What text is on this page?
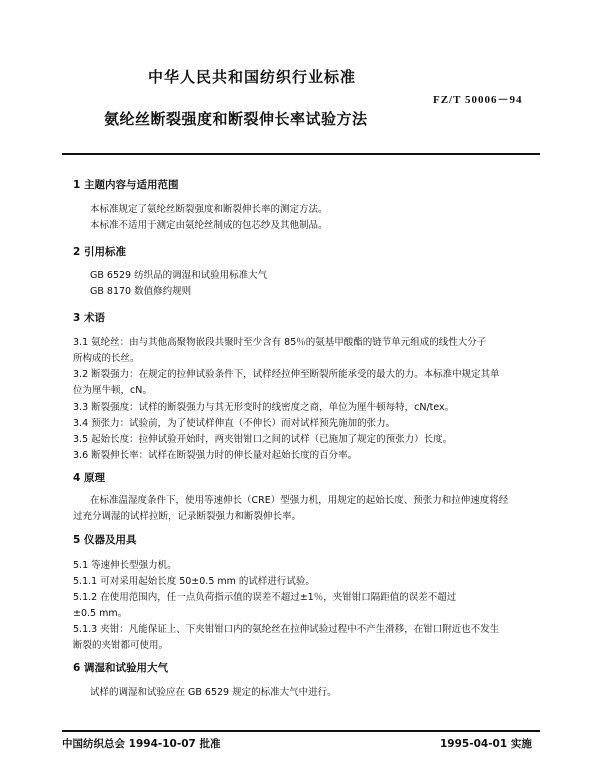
中华人民共和国纺织行业标准
FZ/T 50006－94
氨纶丝断裂强度和断裂伸长率试验方法
1 主题内容与适用范围
本标准规定了氨纶丝断裂强度和断裂伸长率的测定方法。
本标准不适用于测定由氨纶丝制成的包芯纱及其他制品。
2 引用标准
GB 6529 纺织品的调湿和试验用标准大气
GB 8170 数值修约规则
3 术语
3.1 氨纶丝：由与其他高聚物嵌段共聚时至少含有 85％的氨基甲酸酯的链节单元组成的线性大分子
所构成的长丝。
3.2 断裂强力：在规定的拉伸试验条件下，试样经拉伸至断裂所能承受的最大的力。本标准中规定其单
位为厘牛顿，cN。
3.3 断裂强度：试样的断裂强力与其无形变时的线密度之商，单位为厘牛顿每特，cN/tex。
3.4 预张力：试验前，为了使试样伸直（不伸长）而对试样预先施加的张力。
3.5 起始长度：拉伸试验开始时，两夹钳钳口之间的试样（已施加了规定的预张力）长度。
3.6 断裂伸长率：试样在断裂强力时的伸长量对起始长度的百分率。
4 原理
在标准温湿度条件下，使用等速伸长（CRE）型强力机，用规定的起始长度、预张力和拉伸速度将经
过充分调湿的试样拉断，记录断裂强力和断裂伸长率。
5 仪器及用具
5.1 等速伸长型强力机。
5.1.1 可对采用起始长度 50±0.5 mm 的试样进行试验。
5.1.2 在使用范围内，任一点负荷指示值的误差不超过±1％，夹钳钳口隔距值的误差不超过
±0.5 mm。
5.1.3 夹钳：凡能保证上、下夹钳钳口内的氨纶丝在拉伸试验过程中不产生滑移，在钳口附近也不发生
断裂的夹钳都可使用。
6 调湿和试验用大气
试样的调湿和试验应在 GB 6529 规定的标准大气中进行。
中国纺织总会 1994-10-07 批准	1995-04-01 实施
